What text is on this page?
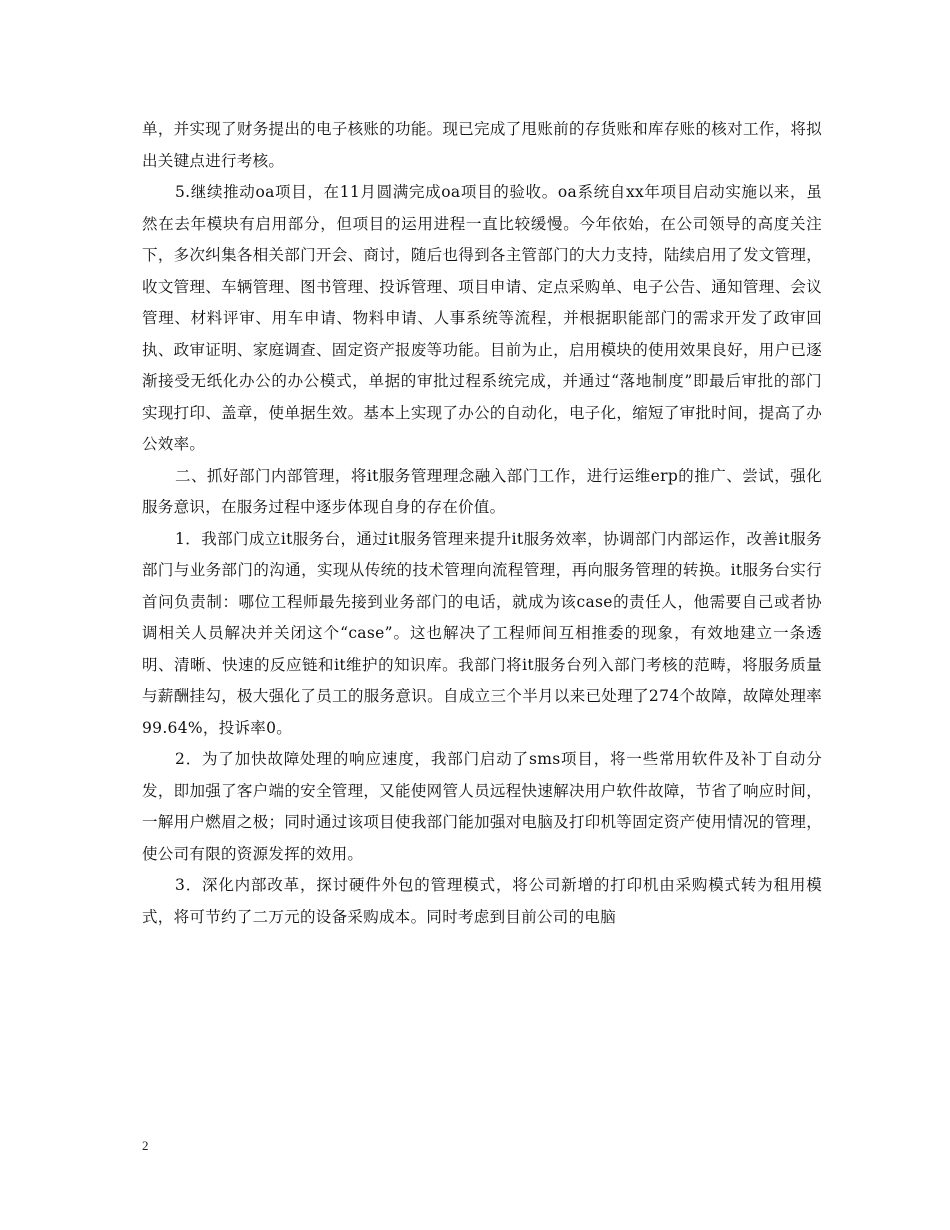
单，并实现了财务提出的电子核账的功能。现已完成了甩账前的存货账和库存账的核对工作，将拟出关键点进行考核。

5.继续推动oa项目，在11月圆满完成oa项目的验收。oa系统自xx年项目启动实施以来，虽然在去年模块有启用部分，但项目的运用进程一直比较缓慢。今年依始，在公司领导的高度关注下，多次纠集各相关部门开会、商讨，随后也得到各主管部门的大力支持，陆续启用了发文管理，收文管理、车辆管理、图书管理、投诉管理、项目申请、定点采购单、电子公告、通知管理、会议管理、材料评审、用车申请、物料申请、人事系统等流程，并根据职能部门的需求开发了政审回执、政审证明、家庭调查、固定资产报废等功能。目前为止，启用模块的使用效果良好，用户已逐渐接受无纸化办公的办公模式，单据的审批过程系统完成，并通过“落地制度”即最后审批的部门实现打印、盖章，使单据生效。基本上实现了办公的自动化，电子化，缩短了审批时间，提高了办公效率。

二、抓好部门内部管理，将it服务管理理念融入部门工作，进行运维erp的推广、尝试，强化服务意识，在服务过程中逐步体现自身的存在价值。

1．我部门成立it服务台，通过it服务管理来提升it服务效率，协调部门内部运作，改善it服务部门与业务部门的沟通，实现从传统的技术管理向流程管理，再向服务管理的转换。it服务台实行首问负责制：哪位工程师最先接到业务部门的电话，就成为该case的责任人，他需要自己或者协调相关人员解决并关闭这个“case”。这也解决了工程师间互相推委的现象，有效地建立一条透明、清晰、快速的反应链和it维护的知识库。我部门将it服务台列入部门考核的范畴，将服务质量与薪酬挂勾，极大强化了员工的服务意识。自成立三个半月以来已处理了274个故障，故障处理率99.64%，投诉率0。

2．为了加快故障处理的响应速度，我部门启动了sms项目，将一些常用软件及补丁自动分发，即加强了客户端的安全管理，又能使网管人员远程快速解决用户软件故障，节省了响应时间，一解用户燃眉之极；同时通过该项目使我部门能加强对电脑及打印机等固定资产使用情况的管理，使公司有限的资源发挥的效用。

3．深化内部改革，探讨硬件外包的管理模式，将公司新增的打印机由采购模式转为租用模式，将可节约了二万元的设备采购成本。同时考虑到目前公司的电脑

2
